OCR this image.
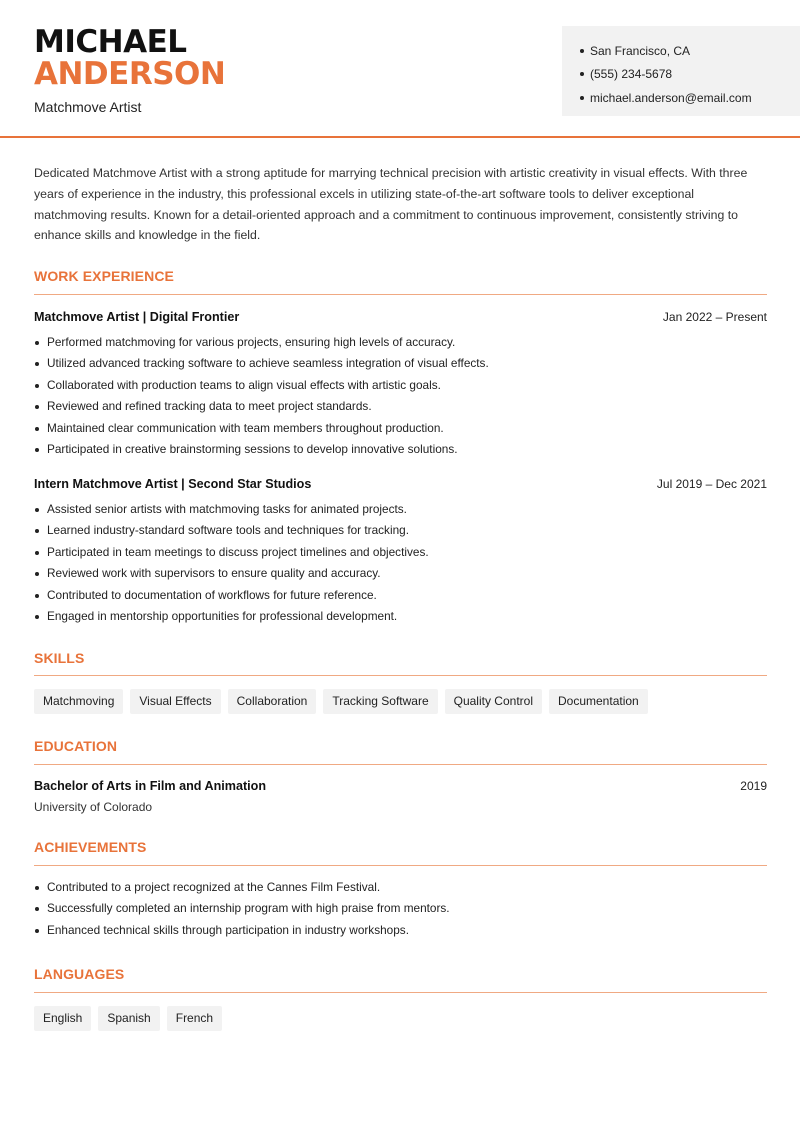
MICHAEL
ANDERSON
Matchmove Artist
San Francisco, CA
(555) 234-5678
michael.anderson@email.com

Dedicated Matchmove Artist with a strong aptitude for marrying technical precision with artistic creativity in visual effects. With three years of experience in the industry, this professional excels in utilizing state-of-the-art software tools to deliver exceptional matchmoving results. Known for a detail-oriented approach and a commitment to continuous improvement, consistently striving to enhance skills and knowledge in the field.

WORK EXPERIENCE
Matchmove Artist | Digital Frontier	Jan 2022 – Present
Performed matchmoving for various projects, ensuring high levels of accuracy.
Utilized advanced tracking software to achieve seamless integration of visual effects.
Collaborated with production teams to align visual effects with artistic goals.
Reviewed and refined tracking data to meet project standards.
Maintained clear communication with team members throughout production.
Participated in creative brainstorming sessions to develop innovative solutions.
Intern Matchmove Artist | Second Star Studios	Jul 2019 – Dec 2021
Assisted senior artists with matchmoving tasks for animated projects.
Learned industry-standard software tools and techniques for tracking.
Participated in team meetings to discuss project timelines and objectives.
Reviewed work with supervisors to ensure quality and accuracy.
Contributed to documentation of workflows for future reference.
Engaged in mentorship opportunities for professional development.
SKILLS
Matchmoving	Visual Effects	Collaboration	Tracking Software	Quality Control	Documentation
EDUCATION
Bachelor of Arts in Film and Animation	2019
University of Colorado
ACHIEVEMENTS
Contributed to a project recognized at the Cannes Film Festival.
Successfully completed an internship program with high praise from mentors.
Enhanced technical skills through participation in industry workshops.
LANGUAGES
English	Spanish	French
